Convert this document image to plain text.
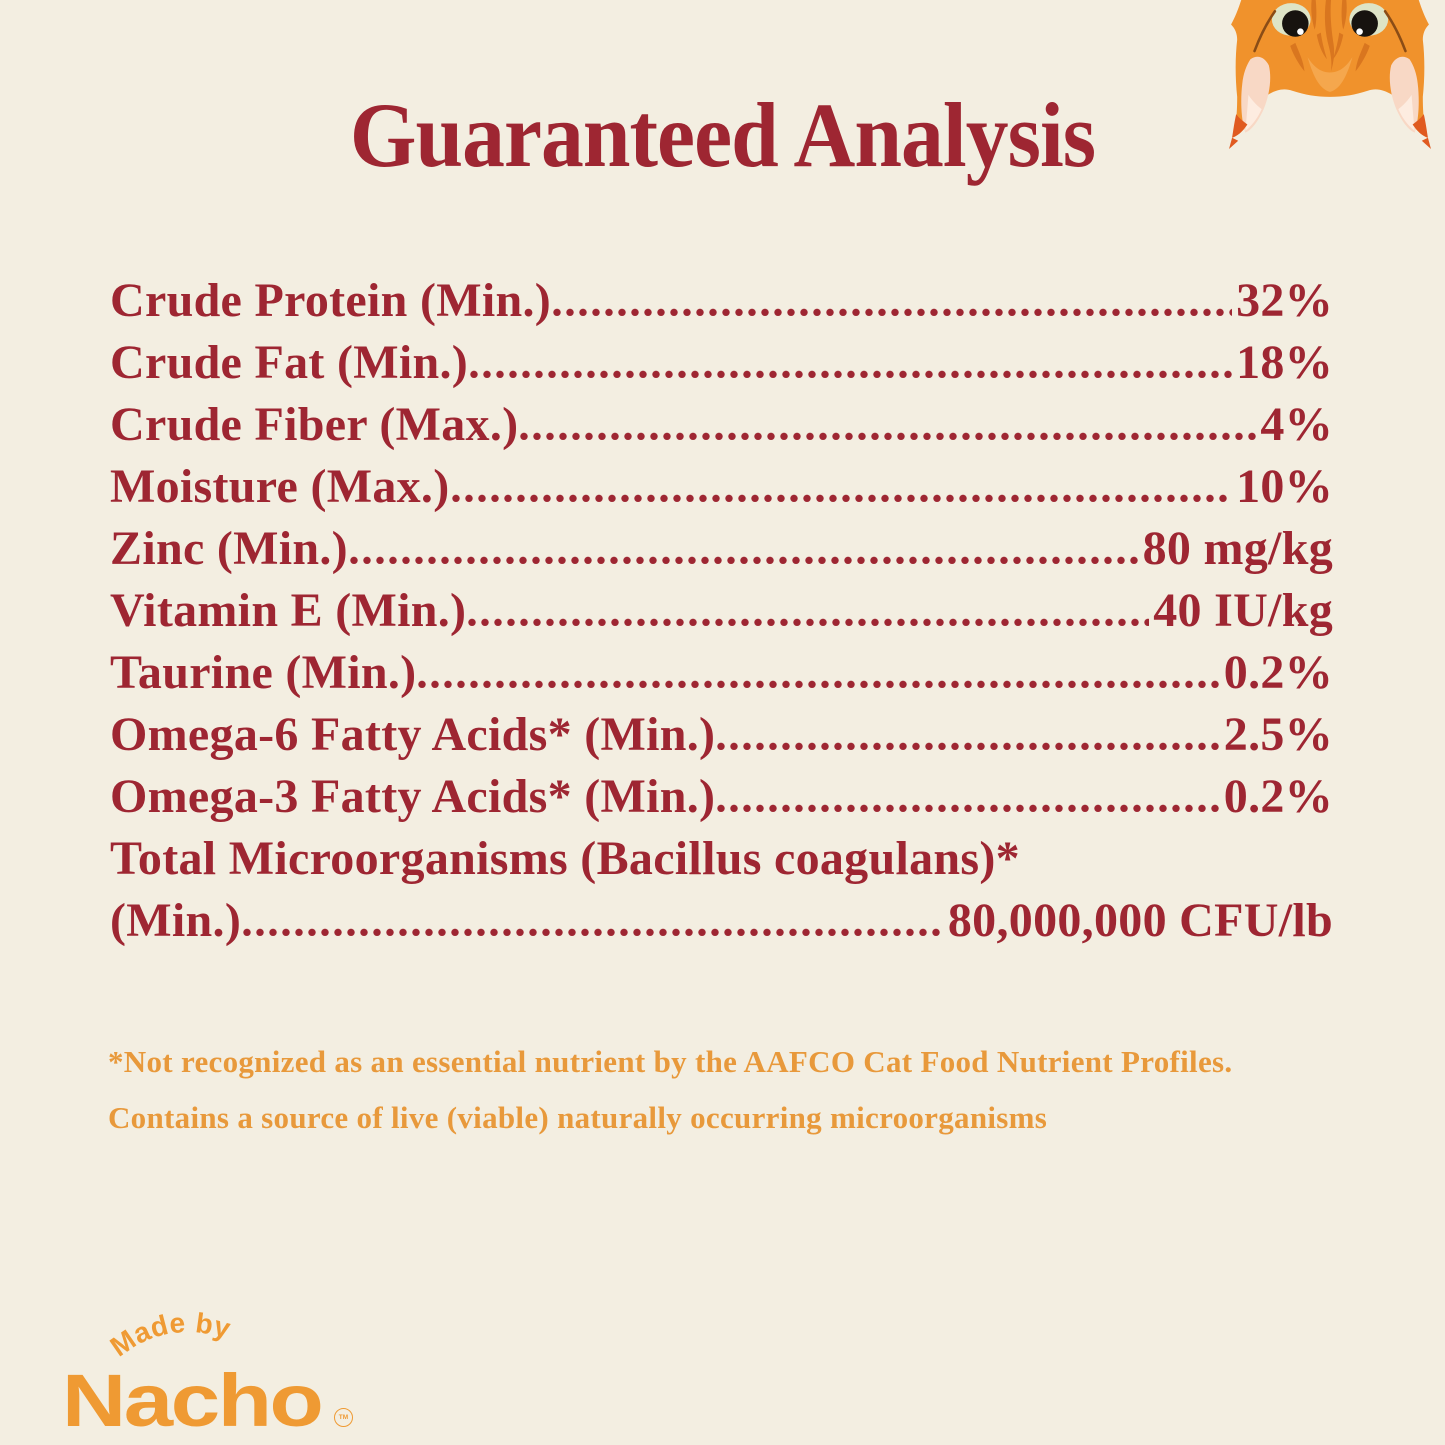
Guaranteed Analysis
Crude Protein (Min.)	32%
Crude Fat (Min.)	18%
Crude Fiber (Max.)	4%
Moisture (Max.)	10%
Zinc (Min.)	80 mg/kg
Vitamin E (Min.)	40 IU/kg
Taurine (Min.)	0.2%
Omega-6 Fatty Acids* (Min.)	2.5%
Omega-3 Fatty Acids* (Min.)	0.2%
Total Microorganisms (Bacillus coagulans)*
(Min.)	80,000,000 CFU/lb

*Not recognized as an essential nutrient by the AAFCO Cat Food Nutrient Profiles.

Contains a source of live (viable) naturally occurring microorganisms

Made by
Nacho	TM
